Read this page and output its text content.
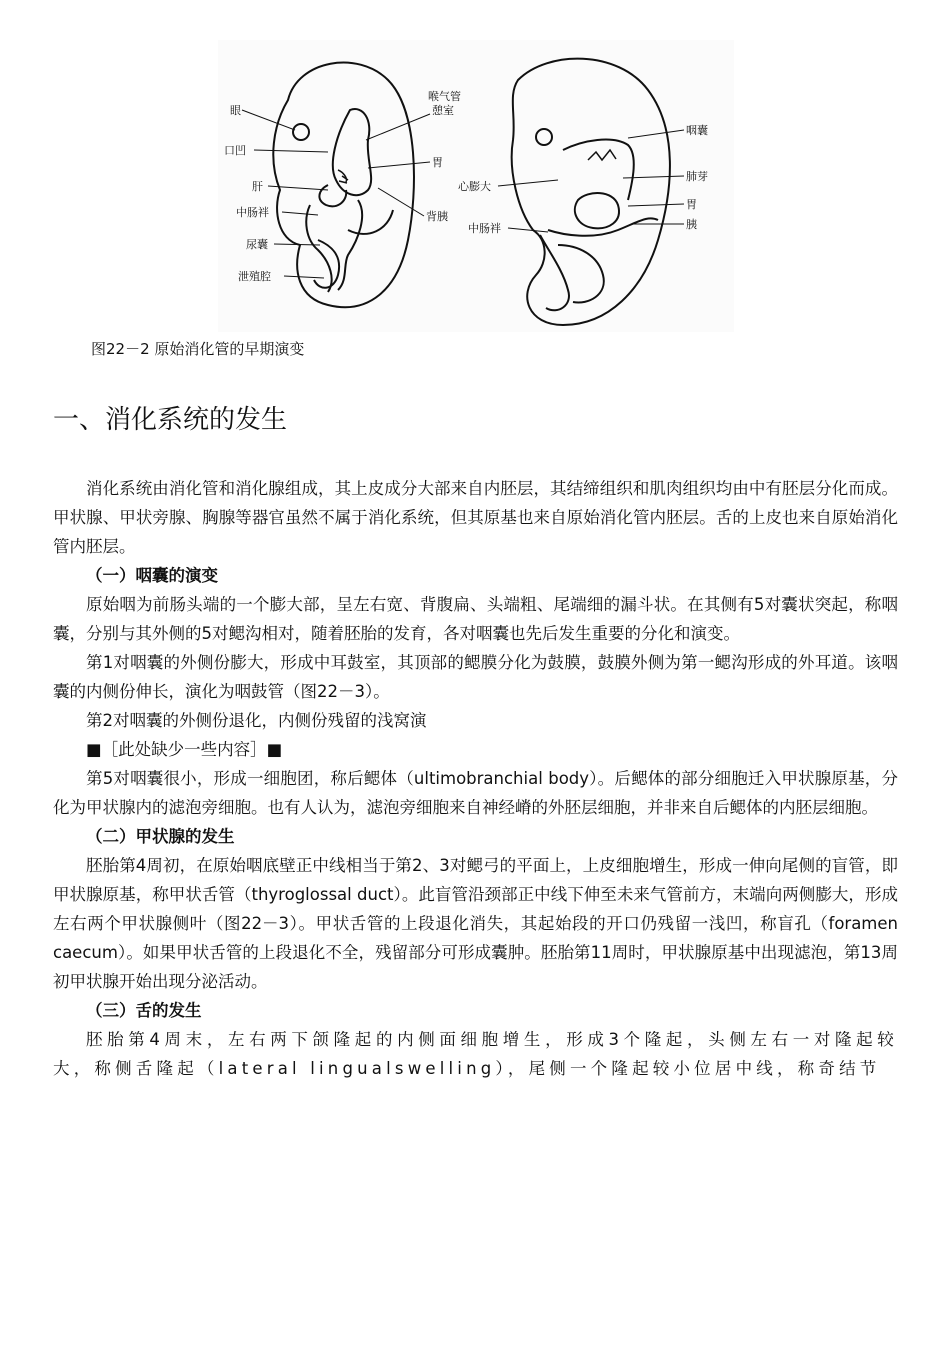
眼
口凹
肝
中肠袢
尿囊
泄殖腔
喉气管
憩室
胃
背胰
心膨大
中肠袢
咽囊
肺芽
胃
胰
图22－2 原始消化管的早期演变
一、消化系统的发生

消化系统由消化管和消化腺组成，其上皮成分大部来自内胚层，其结缔组织和肌肉组织均由中有胚层分化而成。甲状腺、甲状旁腺、胸腺等器官虽然不属于消化系统，但其原基也来自原始消化管内胚层。舌的上皮也来自原始消化管内胚层。

（一）咽囊的演变

原始咽为前肠头端的一个膨大部，呈左右宽、背腹扁、头端粗、尾端细的漏斗状。在其侧有5对囊状突起，称咽囊，分别与其外侧的5对鳃沟相对，随着胚胎的发育，各对咽囊也先后发生重要的分化和演变。

第1对咽囊的外侧份膨大，形成中耳鼓室，其顶部的鳃膜分化为鼓膜，鼓膜外侧为第一鳃沟形成的外耳道。该咽囊的内侧份伸长，演化为咽鼓管（图22－3）。

第2对咽囊的外侧份退化，内侧份残留的浅窝演

■［此处缺少一些内容］■

第5对咽囊很小，形成一细胞团，称后鳃体（ultimobranchial body）。后鳃体的部分细胞迁入甲状腺原基，分化为甲状腺内的滤泡旁细胞。也有人认为，滤泡旁细胞来自神经嵴的外胚层细胞，并非来自后鳃体的内胚层细胞。

（二）甲状腺的发生

胚胎第4周初，在原始咽底壁正中线相当于第2、3对鳃弓的平面上，上皮细胞增生，形成一伸向尾侧的盲管，即甲状腺原基，称甲状舌管（thyroglossal duct）。此盲管沿颈部正中线下伸至未来气管前方，末端向两侧膨大，形成左右两个甲状腺侧叶（图22－3）。甲状舌管的上段退化消失，其起始段的开口仍残留一浅凹，称盲孔（foramen caecum）。如果甲状舌管的上段退化不全，残留部分可形成囊肿。胚胎第11周时，甲状腺原基中出现滤泡，第13周初甲状腺开始出现分泌活动。

（三）舌的发生

胚胎第4周末，左右两下颌隆起的内侧面细胞增生，形成3个隆起，头侧左右一对隆起较大，称侧舌隆起（lateral lingualswelling），尾侧一个隆起较小位居中线，称奇结节
